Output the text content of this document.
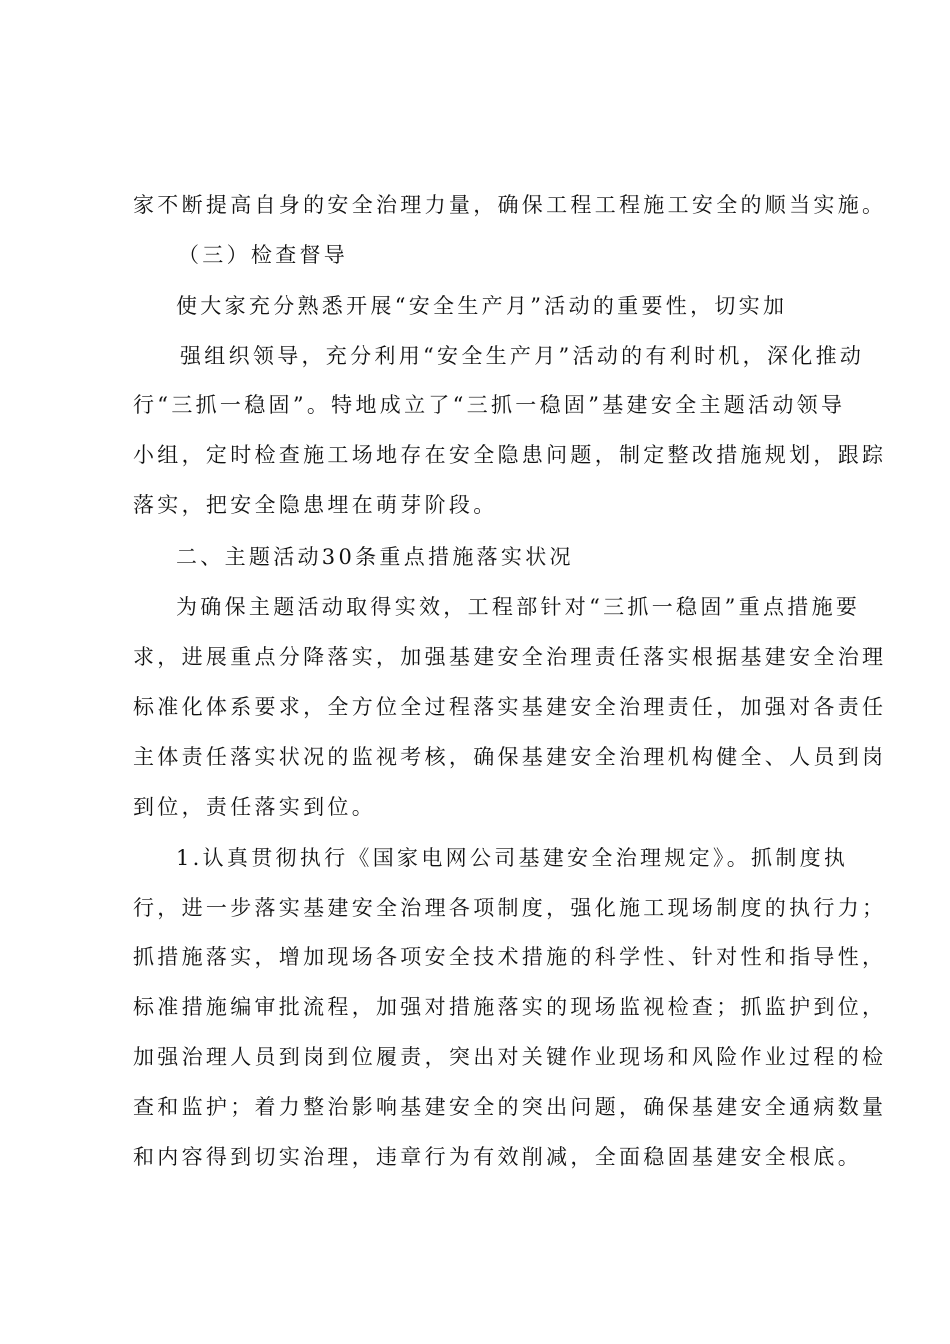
家不断提高自身的安全治理力量，确保工程工程施工安全的顺当实施。
（三）检查督导
使大家充分熟悉开展“安全生产月”活动的重要性，切实加
强组织领导，充分利用“安全生产月”活动的有利时机，深化推动
行“三抓一稳固”。特地成立了“三抓一稳固”基建安全主题活动领导
小组，定时检查施工场地存在安全隐患问题，制定整改措施规划，跟踪
落实，把安全隐患埋在萌芽阶段。
二、主题活动30条重点措施落实状况
为确保主题活动取得实效，工程部针对“三抓一稳固”重点措施要
求，进展重点分降落实，加强基建安全治理责任落实根据基建安全治理
标准化体系要求，全方位全过程落实基建安全治理责任，加强对各责任
主体责任落实状况的监视考核，确保基建安全治理机构健全、人员到岗
到位，责任落实到位。
1.认真贯彻执行《国家电网公司基建安全治理规定》。抓制度执
行，进一步落实基建安全治理各项制度，强化施工现场制度的执行力；
抓措施落实，增加现场各项安全技术措施的科学性、针对性和指导性，
标准措施编审批流程，加强对措施落实的现场监视检查；抓监护到位，
加强治理人员到岗到位履责，突出对关键作业现场和风险作业过程的检
查和监护；着力整治影响基建安全的突出问题，确保基建安全通病数量
和内容得到切实治理，违章行为有效削减，全面稳固基建安全根底。
